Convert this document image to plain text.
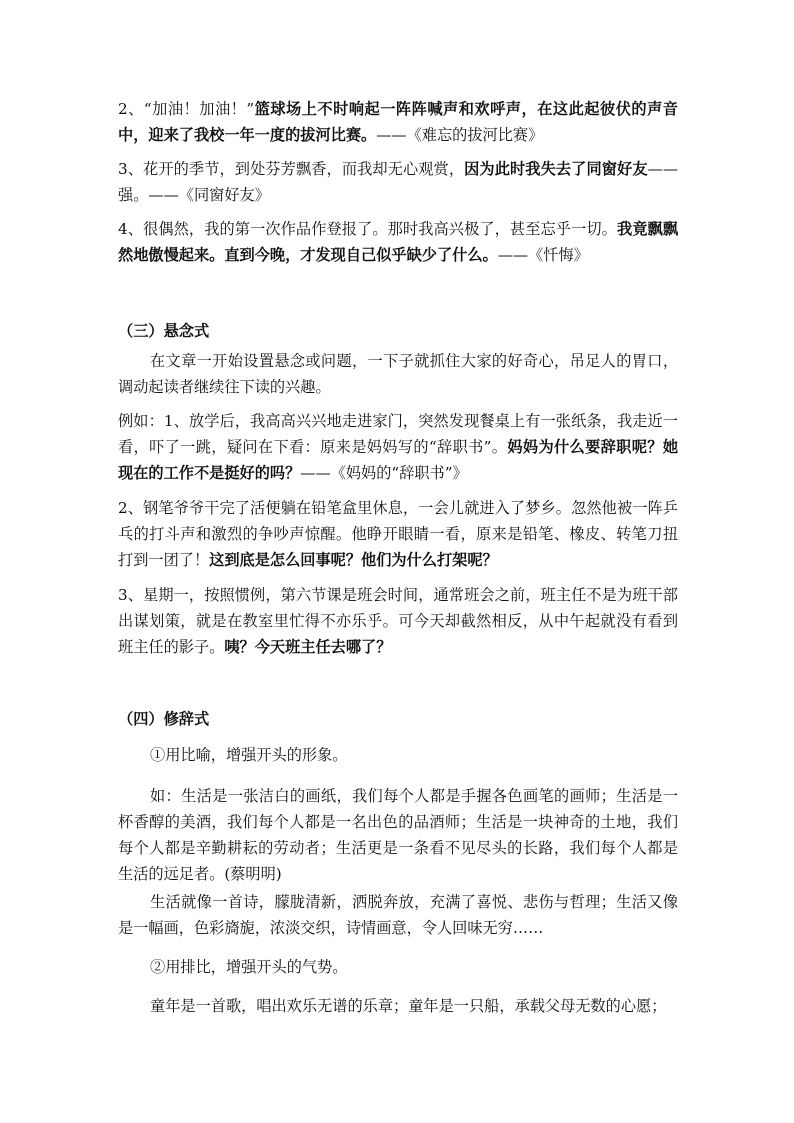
2、“加油！加油！”篮球场上不时响起一阵阵喊声和欢呼声，在这此起彼伏的声音中，迎来了我校一年一度的拔河比赛。——《难忘的拔河比赛》

3、花开的季节，到处芬芳飘香，而我却无心观赏，因为此时我失去了同窗好友——强。——《同窗好友》

4、很偶然，我的第一次作品作登报了。那时我高兴极了，甚至忘乎一切。我竟飘飘然地傲慢起来。直到今晚，才发现自己似乎缺少了什么。——《忏悔》

（三）悬念式

在文章一开始设置悬念或问题，一下子就抓住大家的好奇心，吊足人的胃口，调动起读者继续往下读的兴趣。

例如：1、放学后，我高高兴兴地走进家门，突然发现餐桌上有一张纸条，我走近一看，吓了一跳，疑问在下看：原来是妈妈写的“辞职书”。妈妈为什么要辞职呢？她现在的工作不是挺好的吗？——《妈妈的“辞职书”》

2、钢笔爷爷干完了活便躺在铅笔盒里休息，一会儿就进入了梦乡。忽然他被一阵乒乓的打斗声和激烈的争吵声惊醒。他睁开眼睛一看，原来是铅笔、橡皮、转笔刀扭打到一团了！这到底是怎么回事呢？他们为什么打架呢？

3、星期一，按照惯例，第六节课是班会时间，通常班会之前，班主任不是为班干部出谋划策，就是在教室里忙得不亦乐乎。可今天却截然相反，从中午起就没有看到班主任的影子。咦？今天班主任去哪了？

（四）修辞式

①用比喻，增强开头的形象。

如：生活是一张洁白的画纸，我们每个人都是手握各色画笔的画师；生活是一杯香醇的美酒，我们每个人都是一名出色的品酒师；生活是一块神奇的土地，我们每个人都是辛勤耕耘的劳动者；生活更是一条看不见尽头的长路，我们每个人都是生活的远足者。(蔡明明)

生活就像一首诗，朦胧清新，洒脱奔放，充满了喜悦、悲伤与哲理；生活又像是一幅画，色彩旖旎，浓淡交织，诗情画意，令人回味无穷……

②用排比，增强开头的气势。

童年是一首歌，唱出欢乐无谱的乐章；童年是一只船，承载父母无数的心愿；
